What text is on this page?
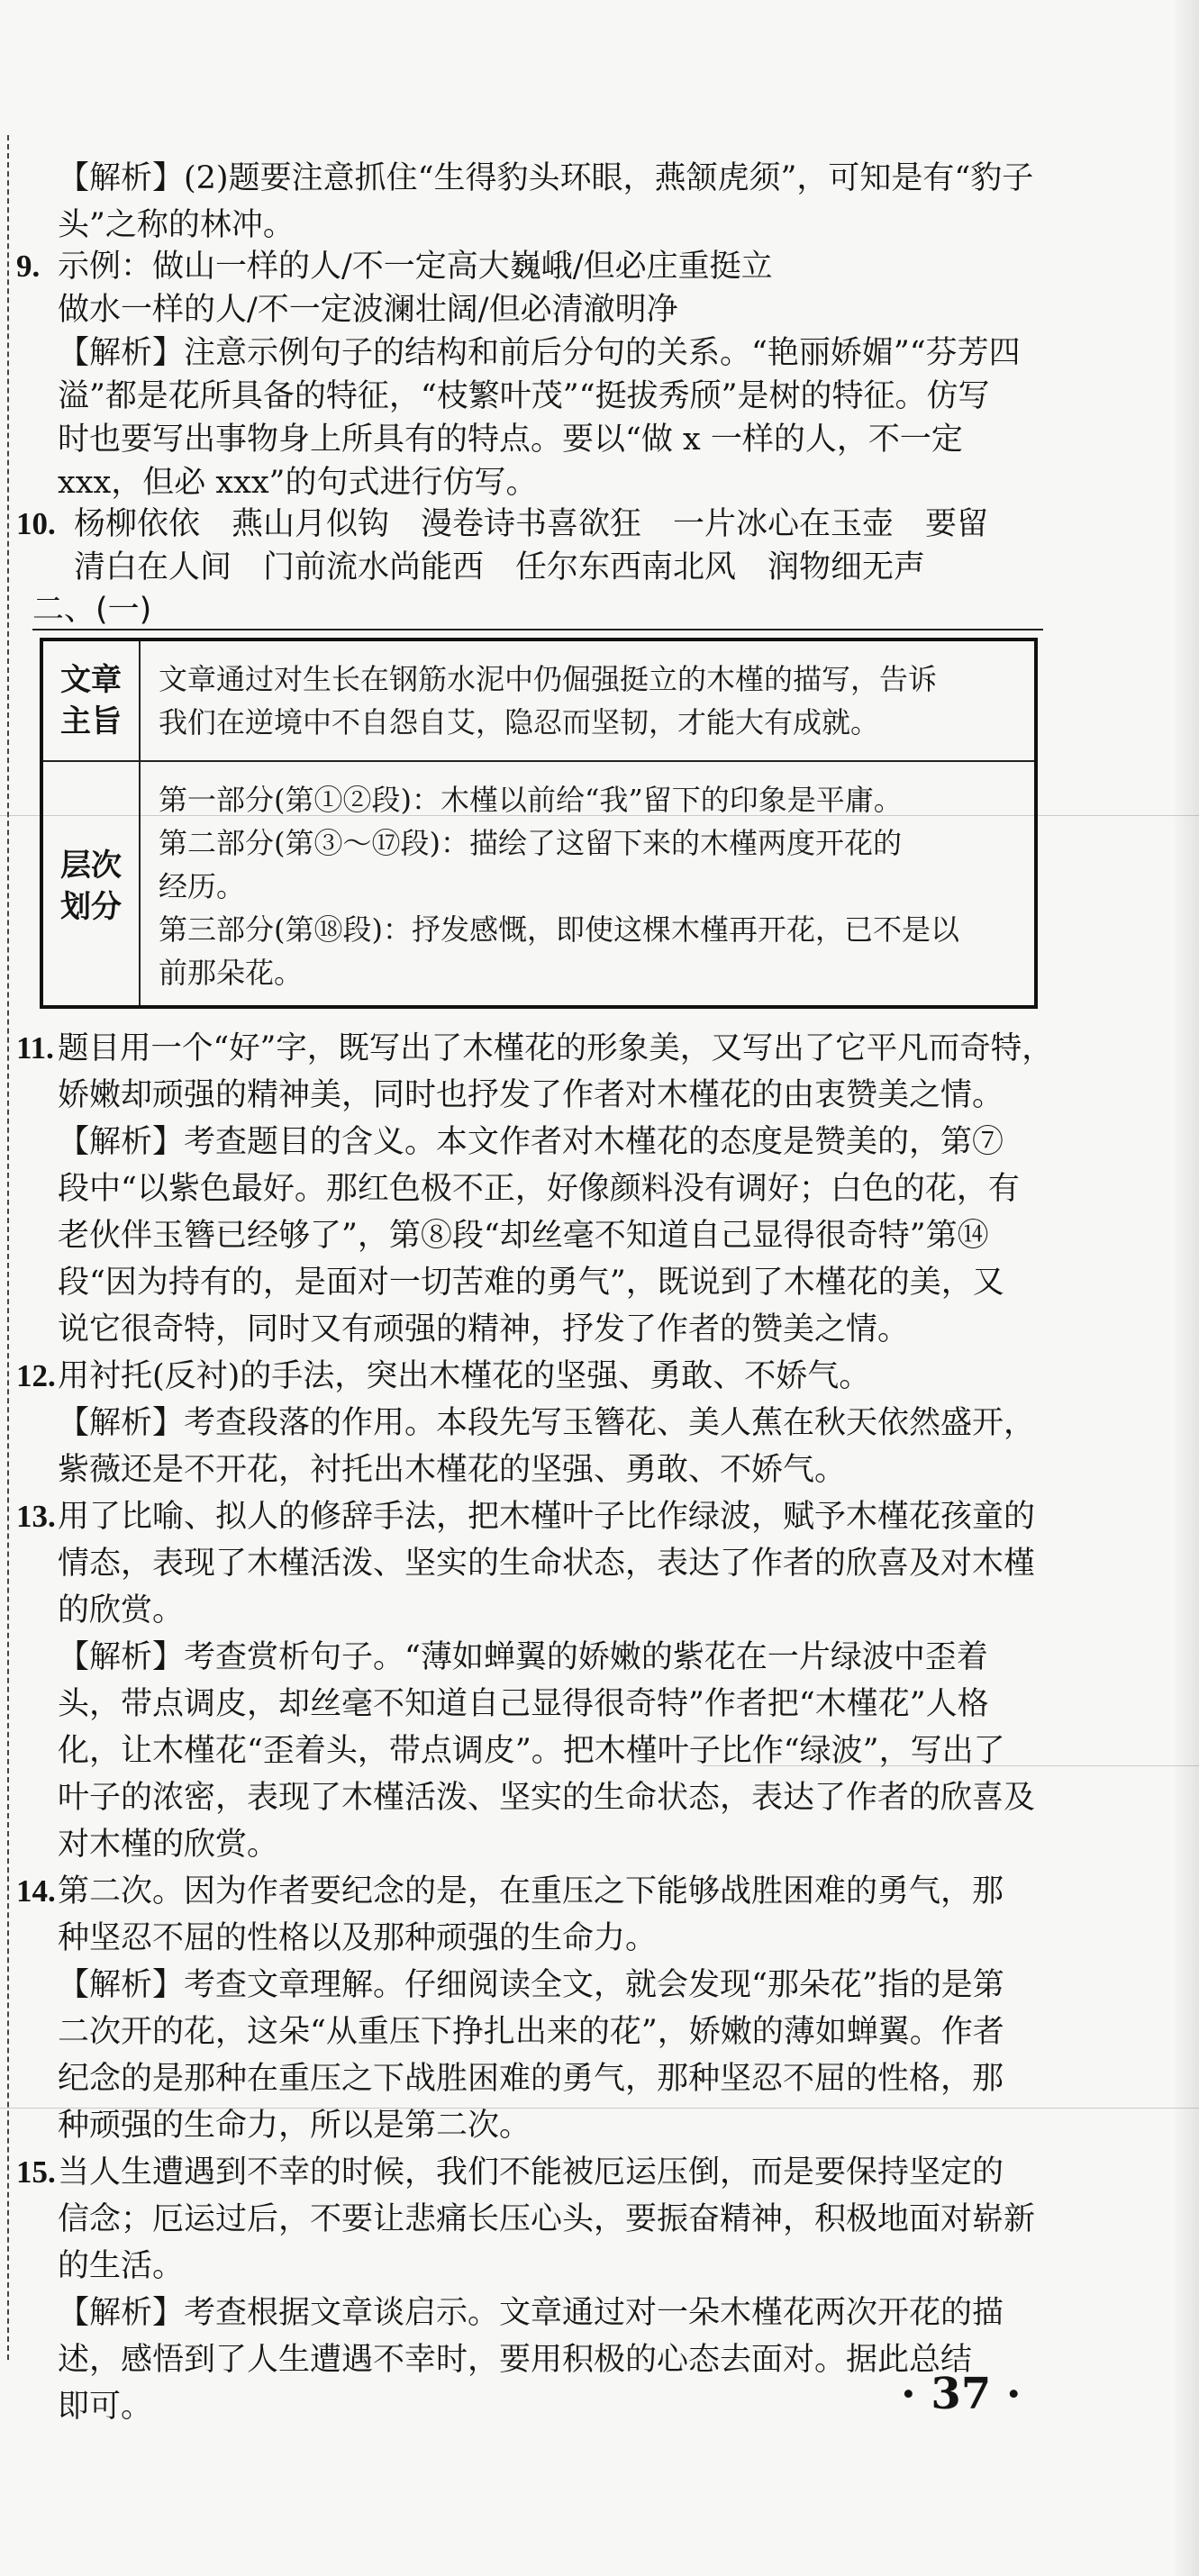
【解析】(2)题要注意抓住“生得豹头环眼，燕颔虎须”，可知是有“豹子
头”之称的林冲。
9. 示例：做山一样的人/不一定高大巍峨/但必庄重挺立
做水一样的人/不一定波澜壮阔/但必清澈明净
【解析】注意示例句子的结构和前后分句的关系。“艳丽娇媚”“芬芳四
溢”都是花所具备的特征，“枝繁叶茂”“挺拔秀颀”是树的特征。仿写
时也要写出事物身上所具有的特点。要以“做 x 一样的人，不一定
xxx，但必 xxx”的句式进行仿写。
10. 杨柳依依　燕山月似钩　漫卷诗书喜欲狂　一片冰心在玉壶　要留
清白在人间　门前流水尚能西　任尔东西南北风　润物细无声
二、(一)
文章
主旨
文章通过对生长在钢筋水泥中仍倔强挺立的木槿的描写，告诉
我们在逆境中不自怨自艾，隐忍而坚韧，才能大有成就。
层次
划分
第一部分(第①②段)：木槿以前给“我”留下的印象是平庸。
第二部分(第③～⑰段)：描绘了这留下来的木槿两度开花的
经历。
第三部分(第⑱段)：抒发感慨，即使这棵木槿再开花，已不是以
前那朵花。
11. 题目用一个“好”字，既写出了木槿花的形象美，又写出了它平凡而奇特，
娇嫩却顽强的精神美，同时也抒发了作者对木槿花的由衷赞美之情。
【解析】考查题目的含义。本文作者对木槿花的态度是赞美的，第⑦
段中“以紫色最好。那红色极不正，好像颜料没有调好；白色的花，有
老伙伴玉簪已经够了”，第⑧段“却丝毫不知道自己显得很奇特”第⑭
段“因为持有的，是面对一切苦难的勇气”，既说到了木槿花的美，又
说它很奇特，同时又有顽强的精神，抒发了作者的赞美之情。
12. 用衬托(反衬)的手法，突出木槿花的坚强、勇敢、不娇气。
【解析】考查段落的作用。本段先写玉簪花、美人蕉在秋天依然盛开，
紫薇还是不开花，衬托出木槿花的坚强、勇敢、不娇气。
13. 用了比喻、拟人的修辞手法，把木槿叶子比作绿波，赋予木槿花孩童的
情态，表现了木槿活泼、坚实的生命状态，表达了作者的欣喜及对木槿
的欣赏。
【解析】考查赏析句子。“薄如蝉翼的娇嫩的紫花在一片绿波中歪着
头，带点调皮，却丝毫不知道自己显得很奇特”作者把“木槿花”人格
化，让木槿花“歪着头，带点调皮”。把木槿叶子比作“绿波”，写出了
叶子的浓密，表现了木槿活泼、坚实的生命状态，表达了作者的欣喜及
对木槿的欣赏。
14. 第二次。因为作者要纪念的是，在重压之下能够战胜困难的勇气，那
种坚忍不屈的性格以及那种顽强的生命力。
【解析】考查文章理解。仔细阅读全文，就会发现“那朵花”指的是第
二次开的花，这朵“从重压下挣扎出来的花”，娇嫩的薄如蝉翼。作者
纪念的是那种在重压之下战胜困难的勇气，那种坚忍不屈的性格，那
种顽强的生命力，所以是第二次。
15. 当人生遭遇到不幸的时候，我们不能被厄运压倒，而是要保持坚定的
信念；厄运过后，不要让悲痛长压心头，要振奋精神，积极地面对崭新
的生活。
【解析】考查根据文章谈启示。文章通过对一朵木槿花两次开花的描
述，感悟到了人生遭遇不幸时，要用积极的心态去面对。据此总结
即可。	· 37 ·
